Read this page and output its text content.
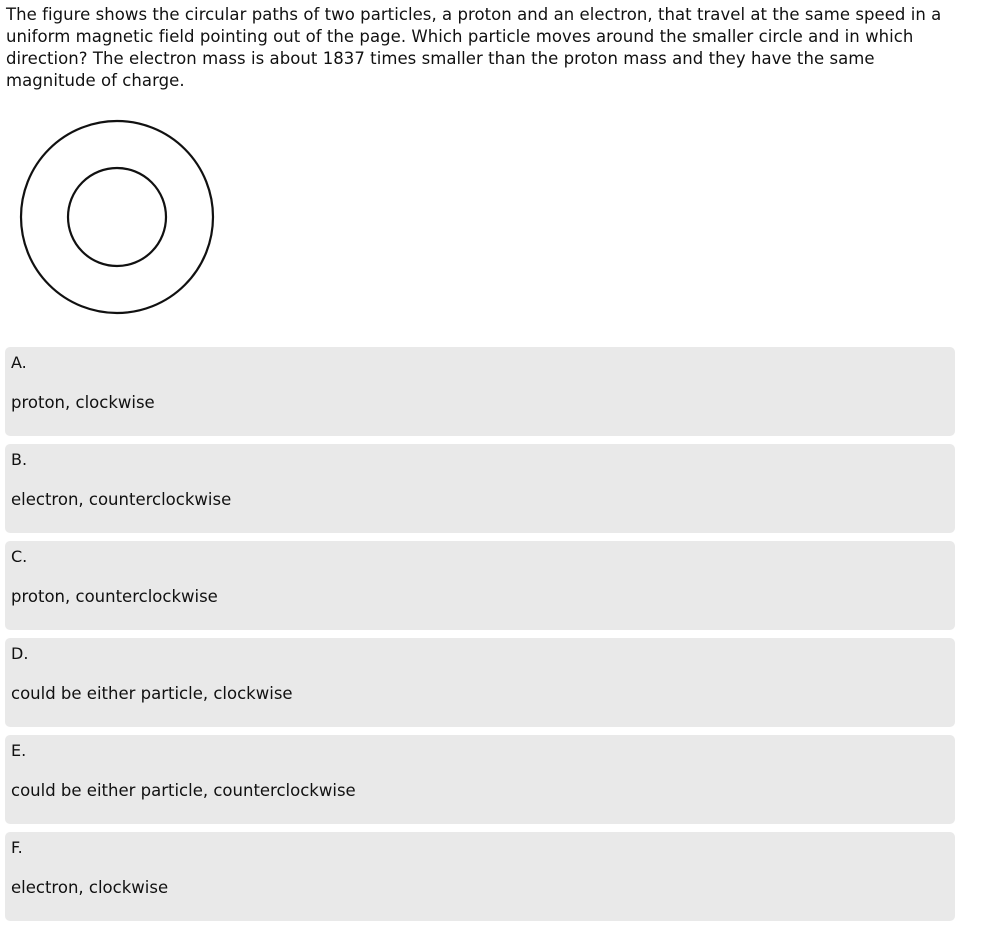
The figure shows the circular paths of two particles, a proton and an electron, that travel at the same speed in a uniform magnetic field pointing out of the page. Which particle moves around the smaller circle and in which direction? The electron mass is about 1837 times smaller than the proton mass and they have the same magnitude of charge.
A.
proton, clockwise
B.
electron, counterclockwise
C.
proton, counterclockwise
D.
could be either particle, clockwise
E.
could be either particle, counterclockwise
F.
electron, clockwise
